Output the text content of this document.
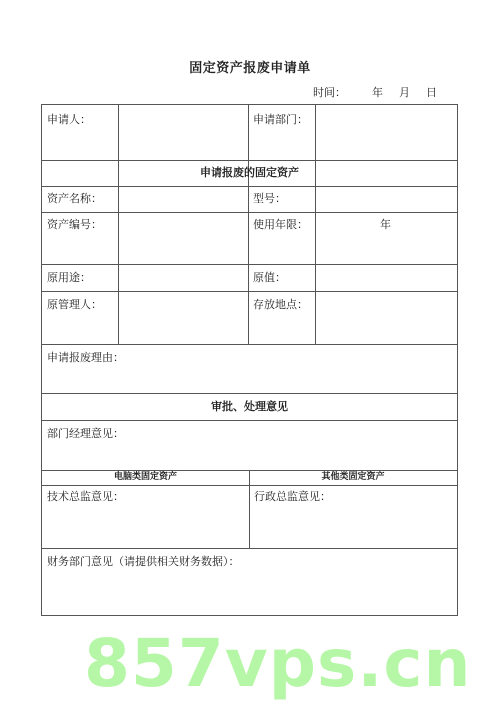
固定资产报废申请单
时间： 年 月 日
申请人：	申请部门：
申请报废的固定资产
资产名称：	型号：
资产编号：	使用年限：	年
原用途：	原值：
原管理人：	存放地点：
申请报废理由：
审批、处理意见
部门经理意见：
电脑类固定资产	其他类固定资产
技术总监意见：	行政总监意见：
财务部门意见（请提供相关财务数据）：
857vps.cn
